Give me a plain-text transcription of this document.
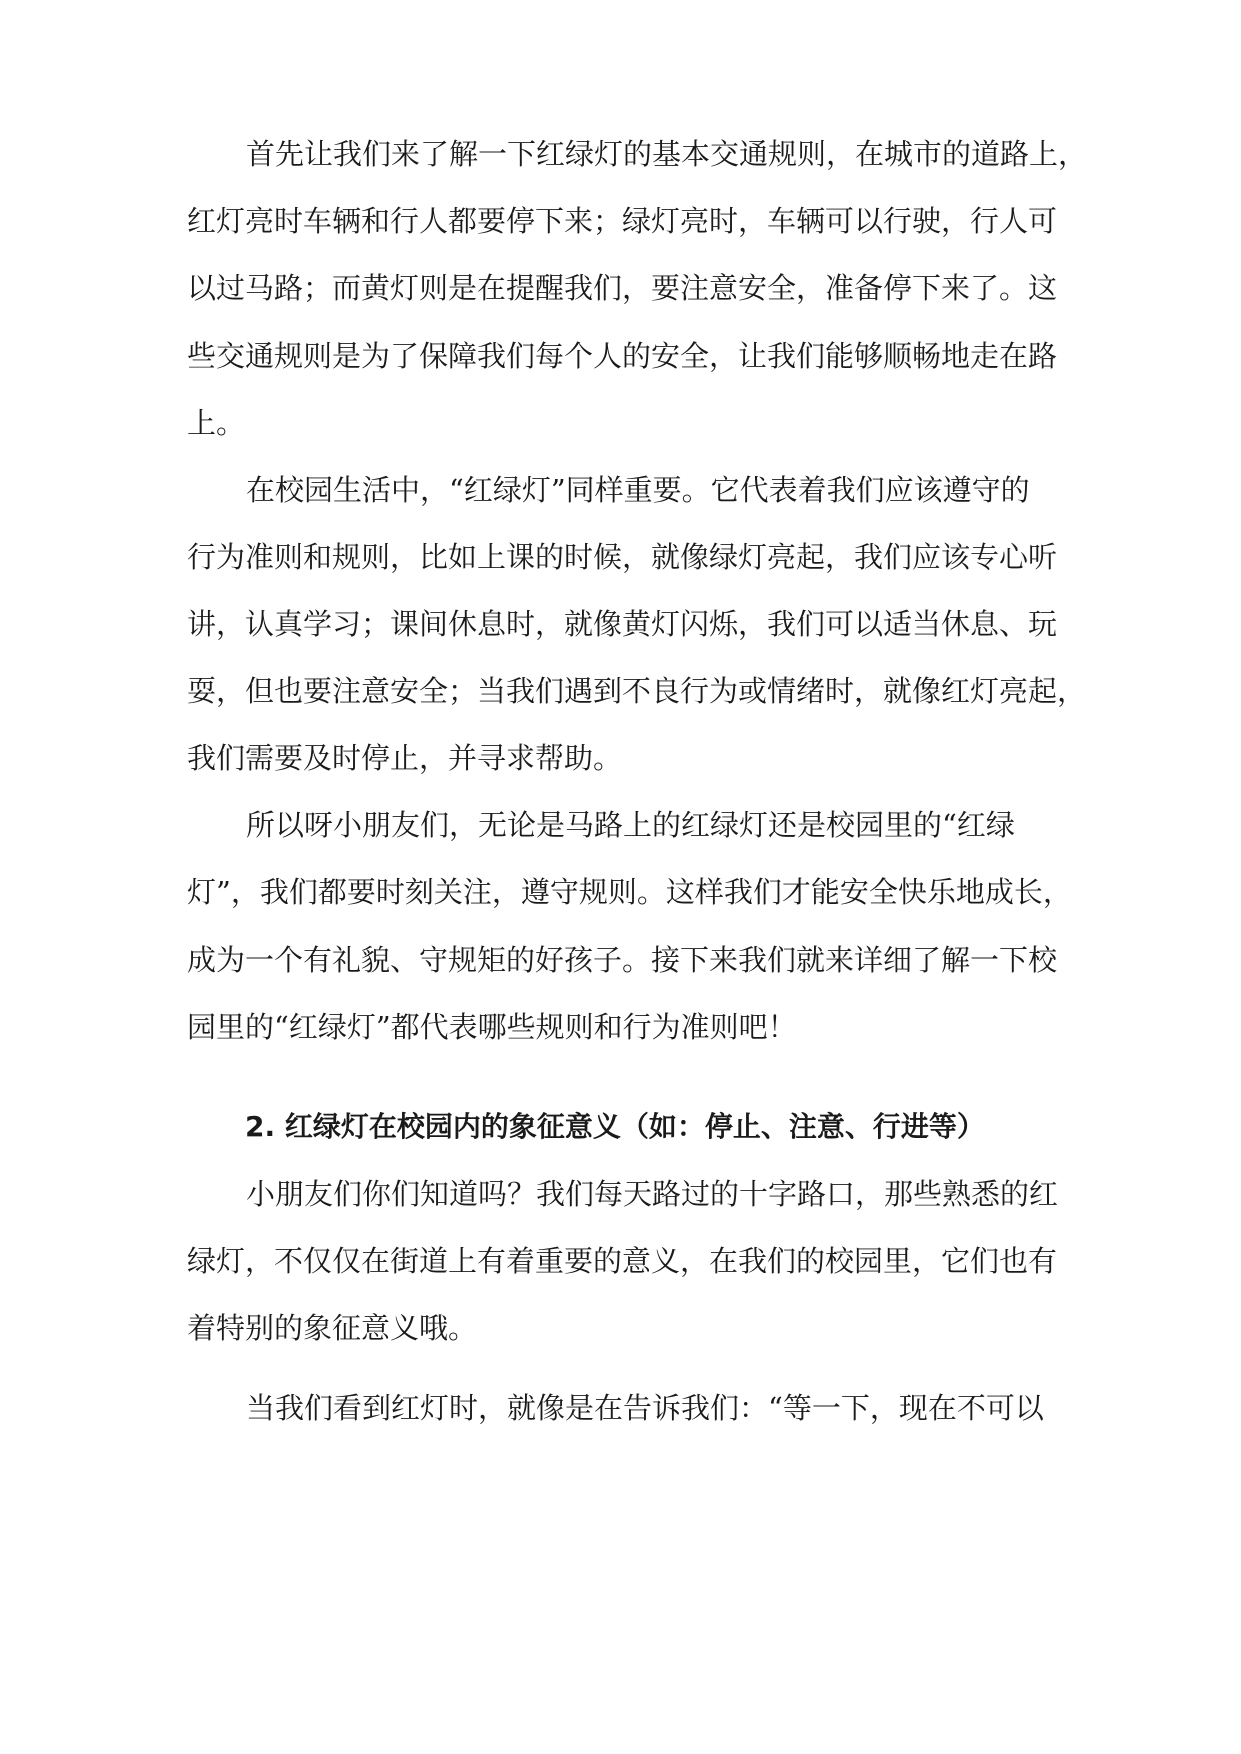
首先让我们来了解一下红绿灯的基本交通规则，在城市的道路上，
红灯亮时车辆和行人都要停下来；绿灯亮时，车辆可以行驶，行人可
以过马路；而黄灯则是在提醒我们，要注意安全，准备停下来了。这
些交通规则是为了保障我们每个人的安全，让我们能够顺畅地走在路
上。
在校园生活中，“红绿灯”同样重要。它代表着我们应该遵守的
行为准则和规则，比如上课的时候，就像绿灯亮起，我们应该专心听
讲，认真学习；课间休息时，就像黄灯闪烁，我们可以适当休息、玩
耍，但也要注意安全；当我们遇到不良行为或情绪时，就像红灯亮起，
我们需要及时停止，并寻求帮助。
所以呀小朋友们，无论是马路上的红绿灯还是校园里的“红绿
灯”，我们都要时刻关注，遵守规则。这样我们才能安全快乐地成长，
成为一个有礼貌、守规矩的好孩子。接下来我们就来详细了解一下校
园里的“红绿灯”都代表哪些规则和行为准则吧！
2. 红绿灯在校园内的象征意义（如：停止、注意、行进等）
小朋友们你们知道吗？我们每天路过的十字路口，那些熟悉的红
绿灯，不仅仅在街道上有着重要的意义，在我们的校园里，它们也有
着特别的象征意义哦。
当我们看到红灯时，就像是在告诉我们：“等一下，现在不可以
